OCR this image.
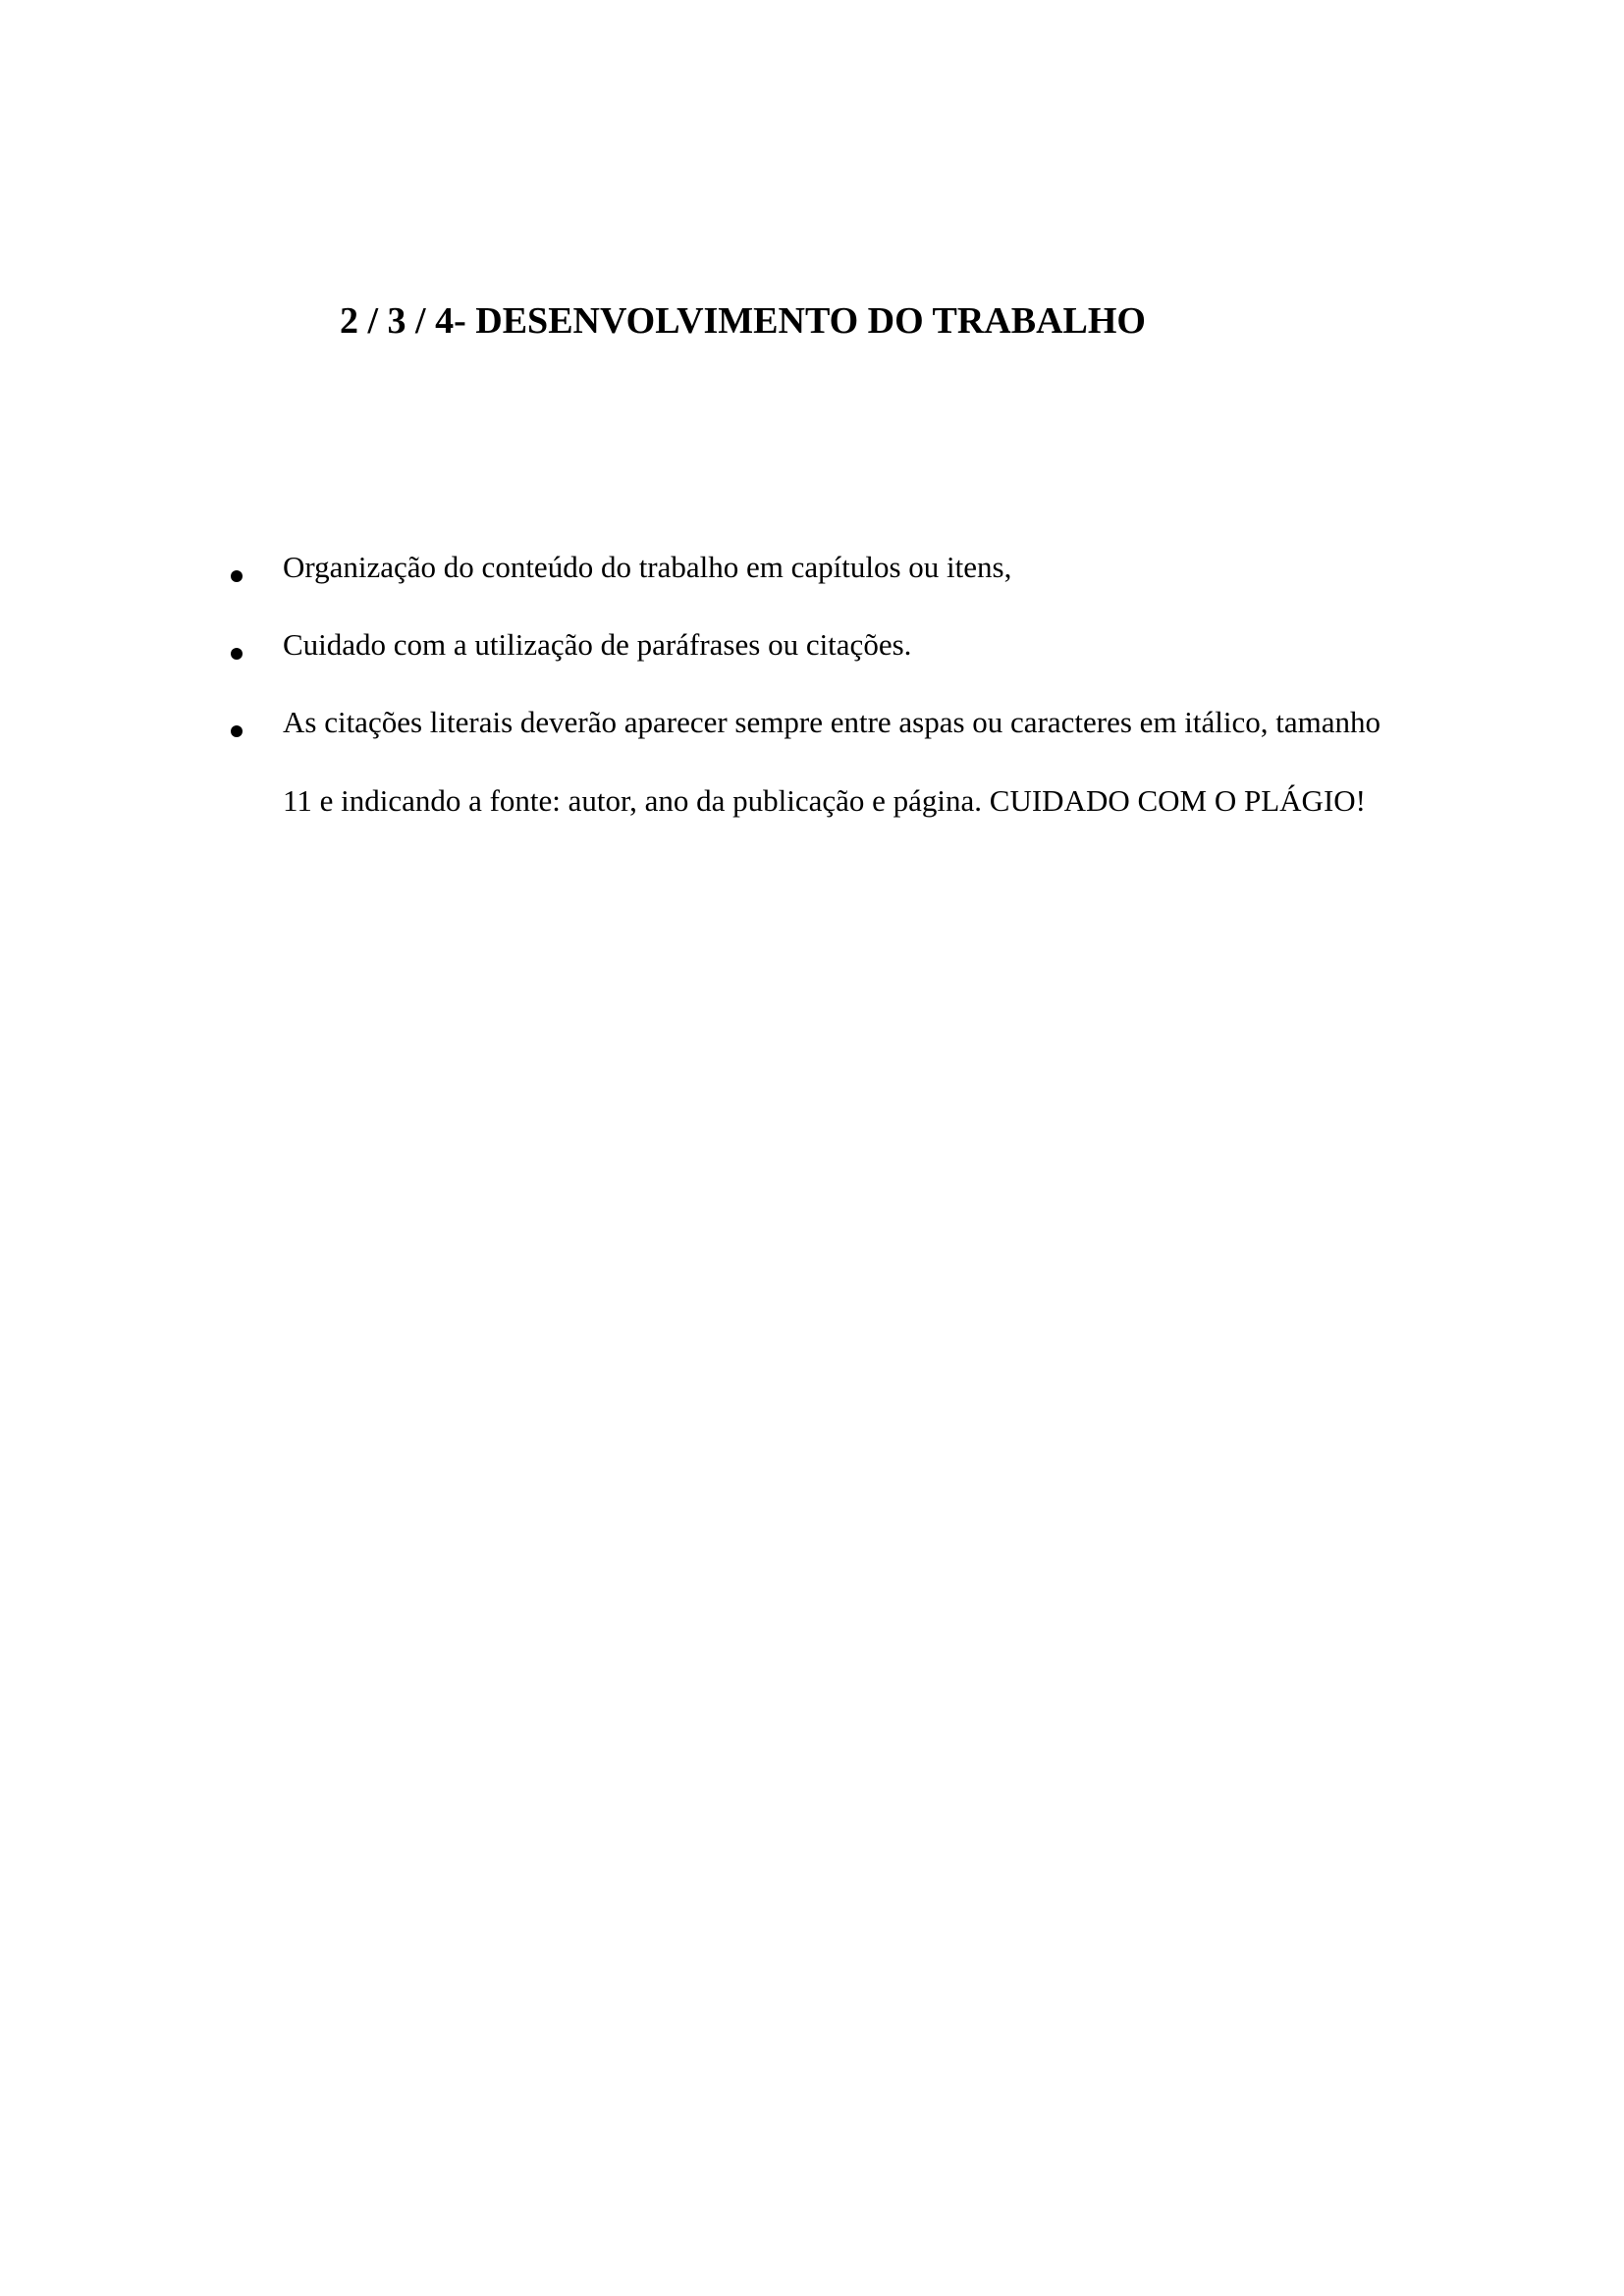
2 / 3 / 4- DESENVOLVIMENTO DO TRABALHO
Organização do conteúdo do trabalho em capítulos ou itens,
Cuidado com a utilização de paráfrases ou citações.
As citações literais deverão aparecer sempre entre aspas ou caracteres em itálico, tamanho
11 e indicando a fonte: autor, ano da publicação e página. CUIDADO COM O PLÁGIO!
